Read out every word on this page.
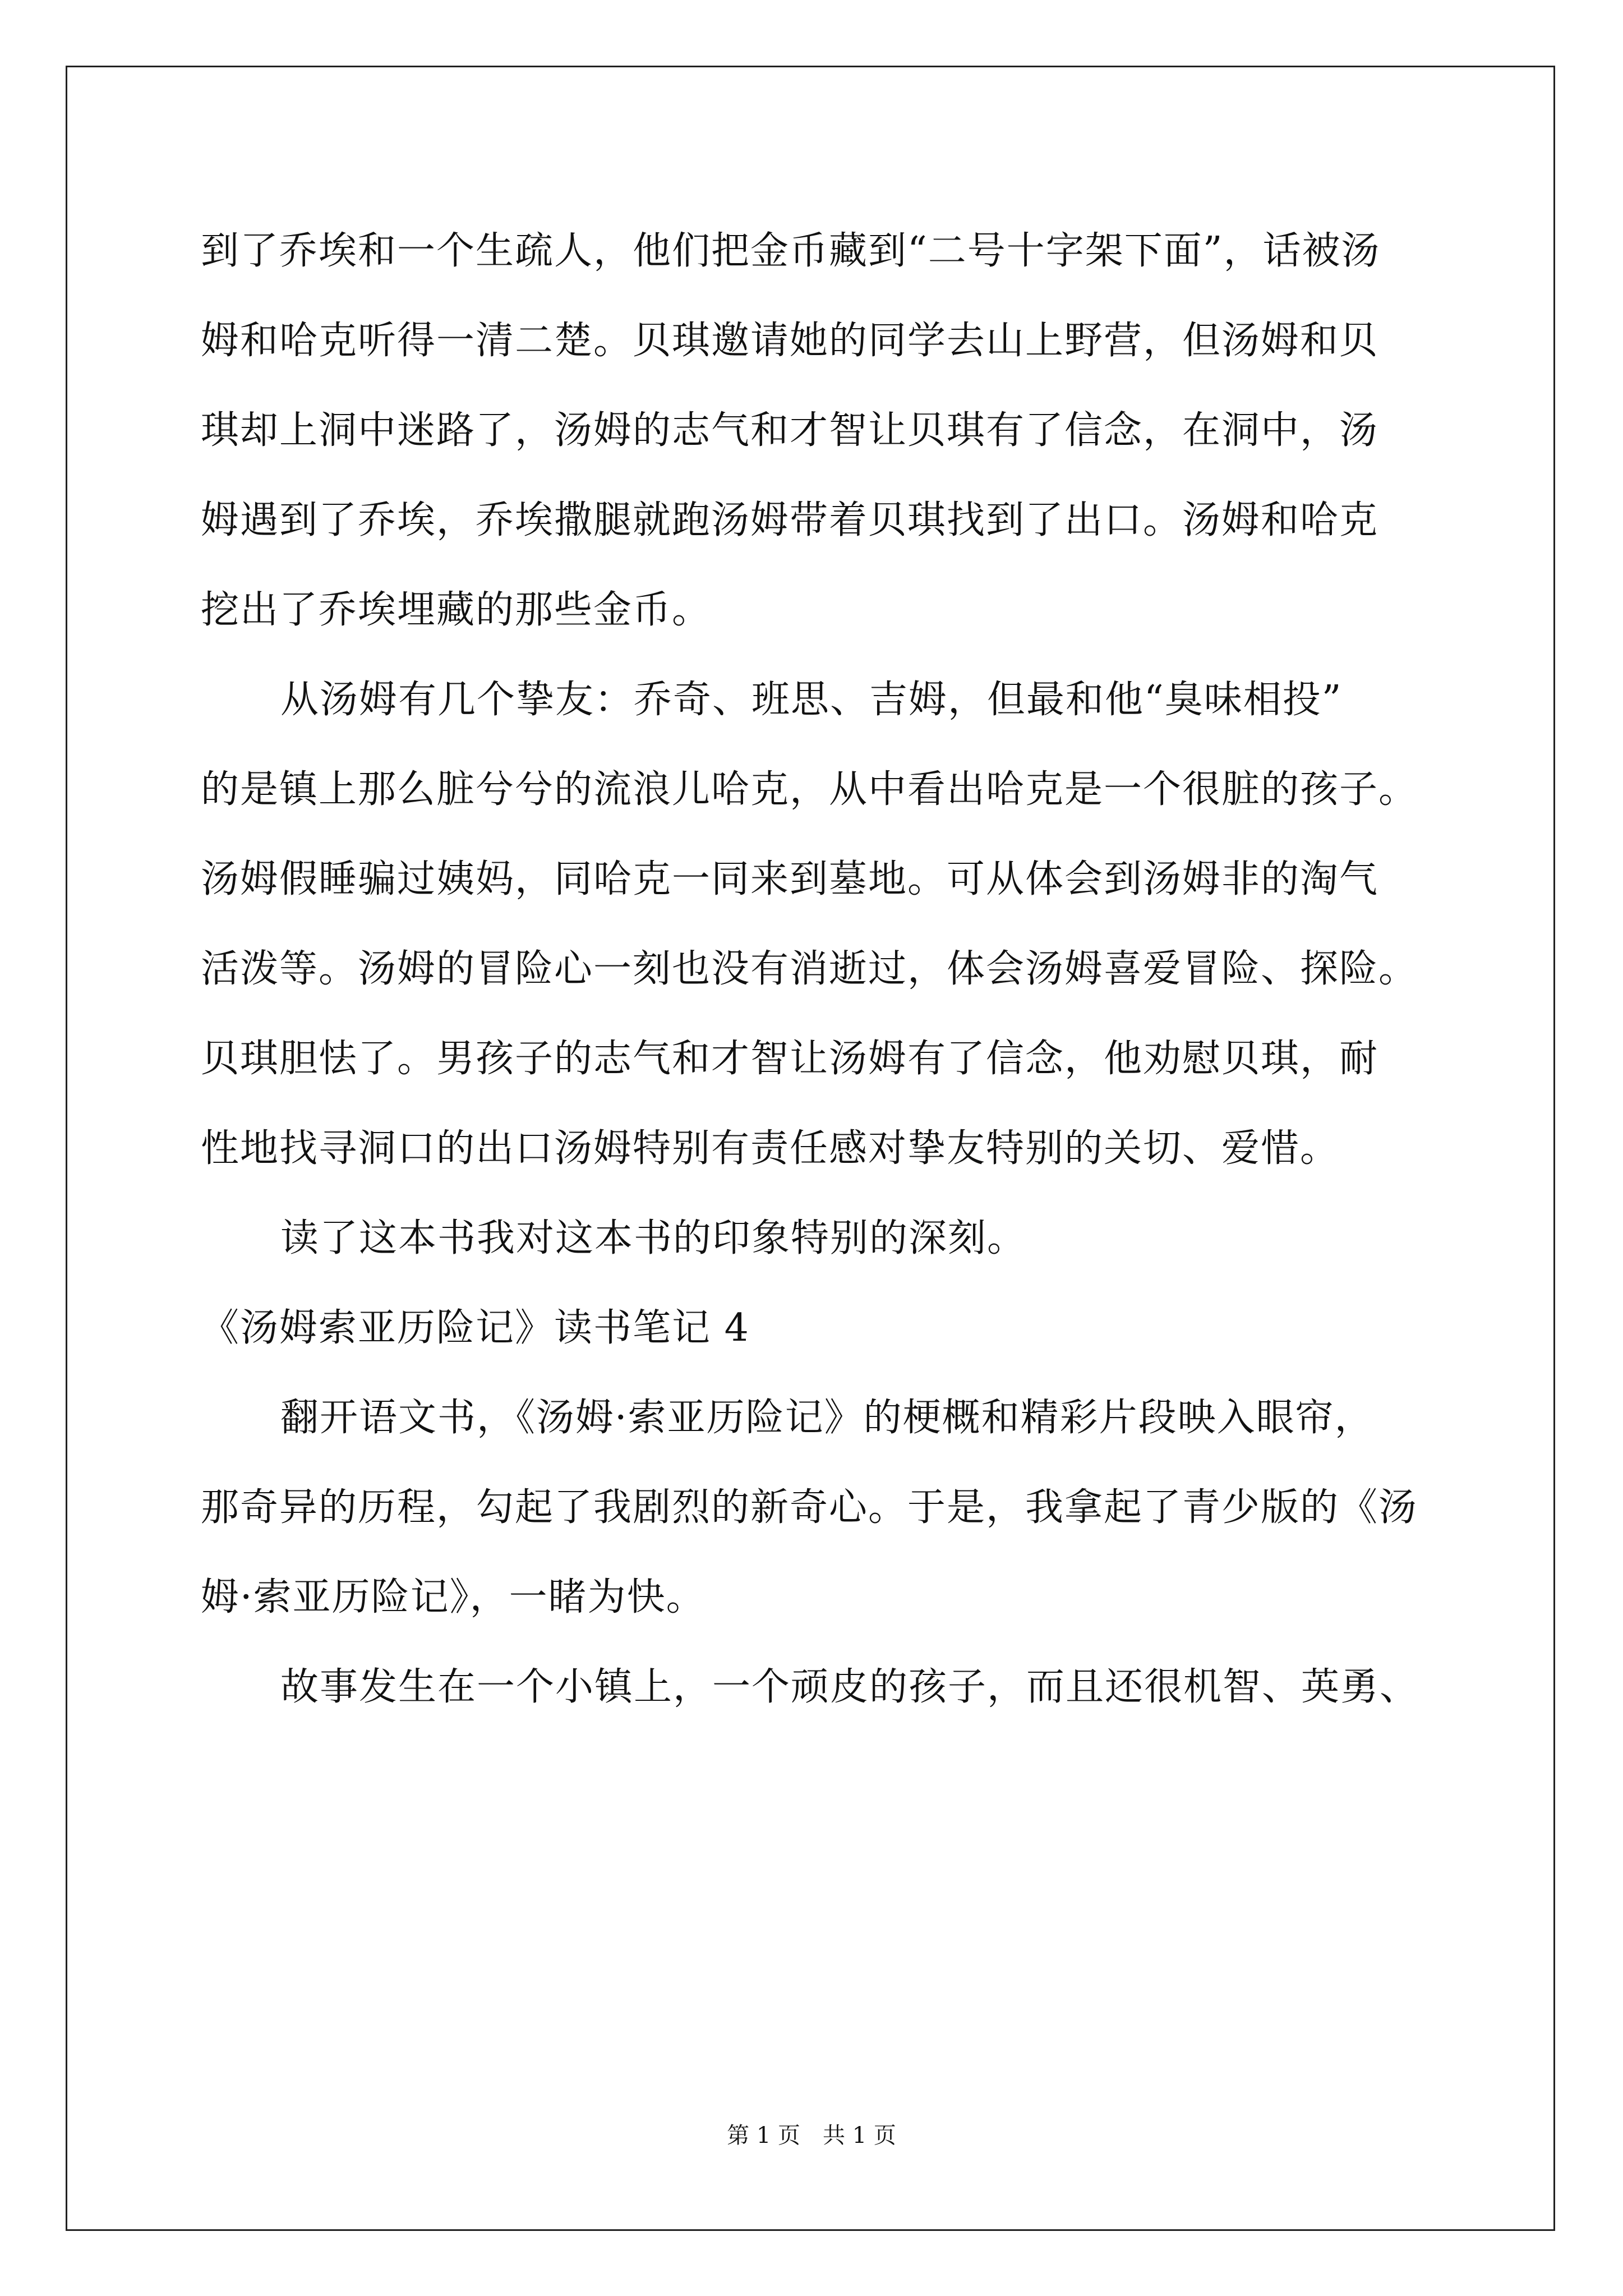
到了乔埃和一个生疏人，他们把金币藏到“二号十字架下面”，话被汤
姆和哈克听得一清二楚。贝琪邀请她的同学去山上野营，但汤姆和贝
琪却上洞中迷路了，汤姆的志气和才智让贝琪有了信念，在洞中，汤
姆遇到了乔埃，乔埃撒腿就跑汤姆带着贝琪找到了出口。汤姆和哈克
挖出了乔埃埋藏的那些金币。
从汤姆有几个挚友：乔奇、班思、吉姆，但最和他“臭味相投”
的是镇上那么脏兮兮的流浪儿哈克，从中看出哈克是一个很脏的孩子。
汤姆假睡骗过姨妈，同哈克一同来到墓地。可从体会到汤姆非的淘气
活泼等。汤姆的冒险心一刻也没有消逝过，体会汤姆喜爱冒险、探险。
贝琪胆怯了。男孩子的志气和才智让汤姆有了信念，他劝慰贝琪，耐
性地找寻洞口的出口汤姆特别有责任感对挚友特别的关切、爱惜。
读了这本书我对这本书的印象特别的深刻。
《汤姆索亚历险记》读书笔记 4
翻开语文书，《汤姆·索亚历险记》的梗概和精彩片段映入眼帘，
那奇异的历程，勾起了我剧烈的新奇心。于是，我拿起了青少版的《汤
姆·索亚历险记》，一睹为快。
故事发生在一个小镇上，一个顽皮的孩子，而且还很机智、英勇、
第 1 页　共 1 页
